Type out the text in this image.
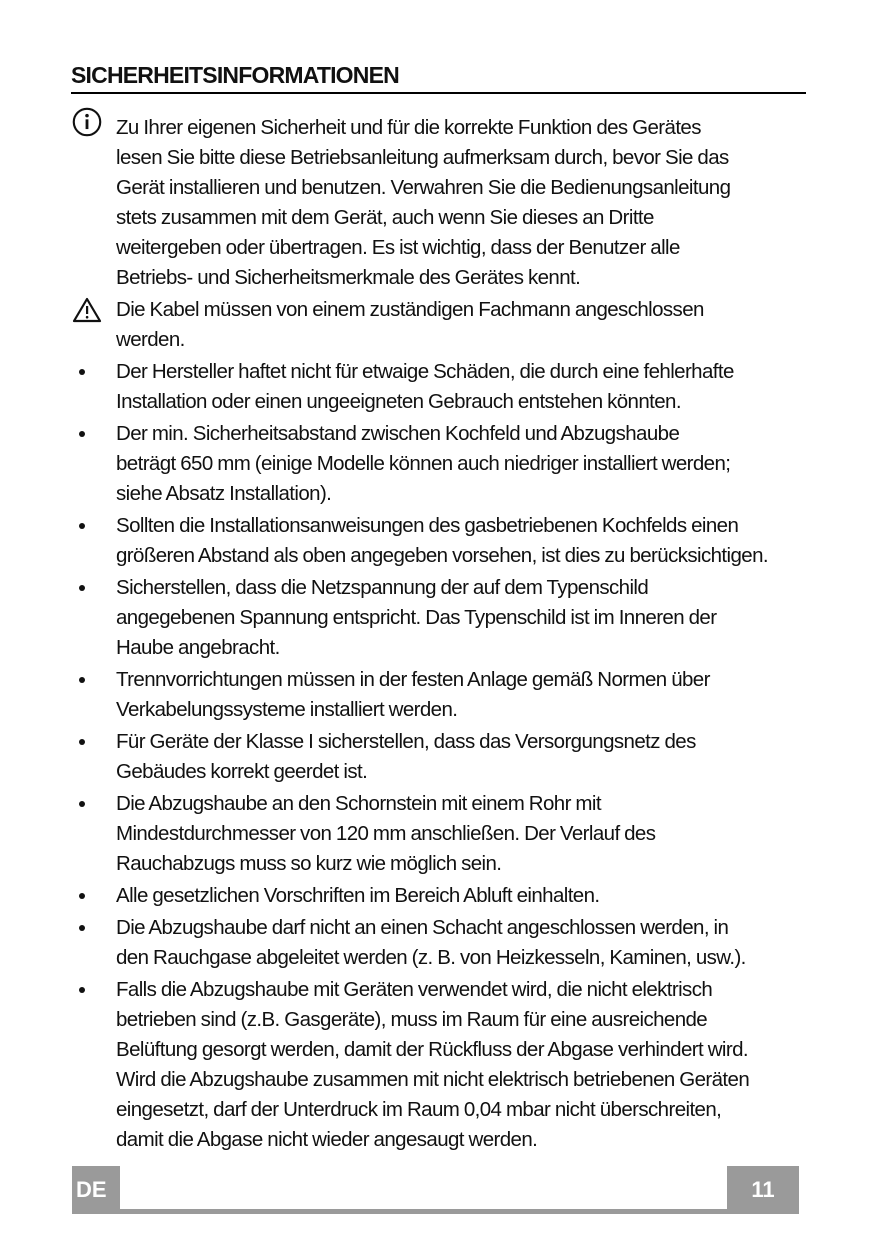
SICHERHEITSINFORMATIONEN
Zu Ihrer eigenen Sicherheit und für die korrekte Funktion des Gerätes
lesen Sie bitte diese Betriebsanleitung aufmerksam durch, bevor Sie das
Gerät installieren und benutzen. Verwahren Sie die Bedienungsanleitung
stets zusammen mit dem Gerät, auch wenn Sie dieses an Dritte
weitergeben oder übertragen. Es ist wichtig, dass der Benutzer alle
Betriebs- und Sicherheitsmerkmale des Gerätes kennt.
Die Kabel müssen von einem zuständigen Fachmann angeschlossen
werden.
Der Hersteller haftet nicht für etwaige Schäden, die durch eine fehlerhafte
Installation oder einen ungeeigneten Gebrauch entstehen könnten.
Der min. Sicherheitsabstand zwischen Kochfeld und Abzugshaube
beträgt 650 mm (einige Modelle können auch niedriger installiert werden;
siehe Absatz Installation).
Sollten die Installationsanweisungen des gasbetriebenen Kochfelds einen
größeren Abstand als oben angegeben vorsehen, ist dies zu berücksichtigen.
Sicherstellen, dass die Netzspannung der auf dem Typenschild
angegebenen Spannung entspricht. Das Typenschild ist im Inneren der
Haube angebracht.
Trennvorrichtungen müssen in der festen Anlage gemäß Normen über
Verkabelungssysteme installiert werden.
Für Geräte der Klasse I sicherstellen, dass das Versorgungsnetz des
Gebäudes korrekt geerdet ist.
Die Abzugshaube an den Schornstein mit einem Rohr mit
Mindestdurchmesser von 120 mm anschließen. Der Verlauf des
Rauchabzugs muss so kurz wie möglich sein.
Alle gesetzlichen Vorschriften im Bereich Abluft einhalten.
Die Abzugshaube darf nicht an einen Schacht angeschlossen werden, in
den Rauchgase abgeleitet werden (z. B. von Heizkesseln, Kaminen, usw.).
Falls die Abzugshaube mit Geräten verwendet wird, die nicht elektrisch
betrieben sind (z.B. Gasgeräte), muss im Raum für eine ausreichende
Belüftung gesorgt werden, damit der Rückfluss der Abgase verhindert wird.
Wird die Abzugshaube zusammen mit nicht elektrisch betriebenen Geräten
eingesetzt, darf der Unterdruck im Raum 0,04 mbar nicht überschreiten,
damit die Abgase nicht wieder angesaugt werden.
DE	11
